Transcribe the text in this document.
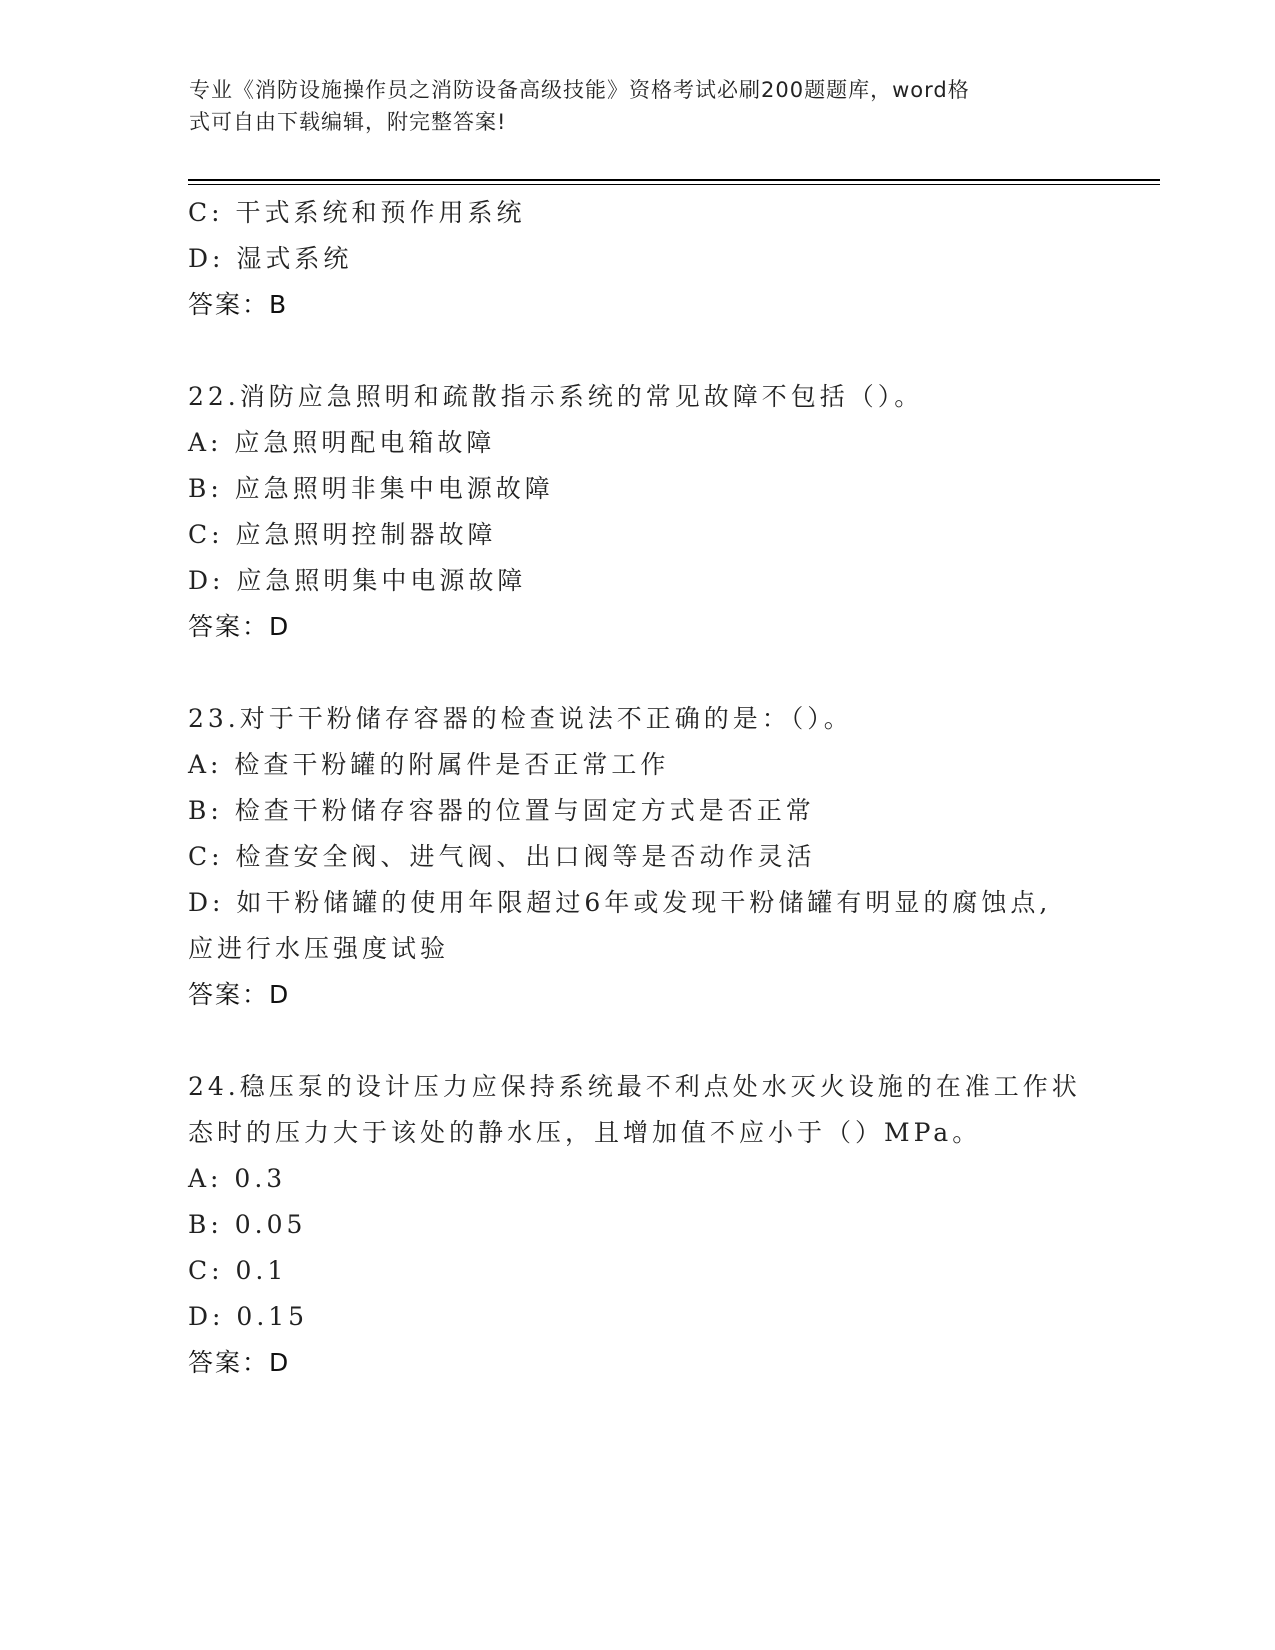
专业《消防设施操作员之消防设备高级技能》资格考试必刷200题题库，word格
式可自由下载编辑，附完整答案!
C: 干式系统和预作用系统
D: 湿式系统
答案：B
22.消防应急照明和疏散指示系统的常见故障不包括（）。
A: 应急照明配电箱故障
B: 应急照明非集中电源故障
C: 应急照明控制器故障
D: 应急照明集中电源故障
答案：D
23.对于干粉储存容器的检查说法不正确的是：（）。
A: 检查干粉罐的附属件是否正常工作
B: 检查干粉储存容器的位置与固定方式是否正常
C: 检查安全阀、进气阀、出口阀等是否动作灵活
D: 如干粉储罐的使用年限超过6年或发现干粉储罐有明显的腐蚀点,
应进行水压强度试验
答案：D
24.稳压泵的设计压力应保持系统最不利点处水灭火设施的在准工作状
态时的压力大于该处的静水压，且增加值不应小于（）MPa。
A: 0.3
B: 0.05
C: 0.1
D: 0.15
答案：D
